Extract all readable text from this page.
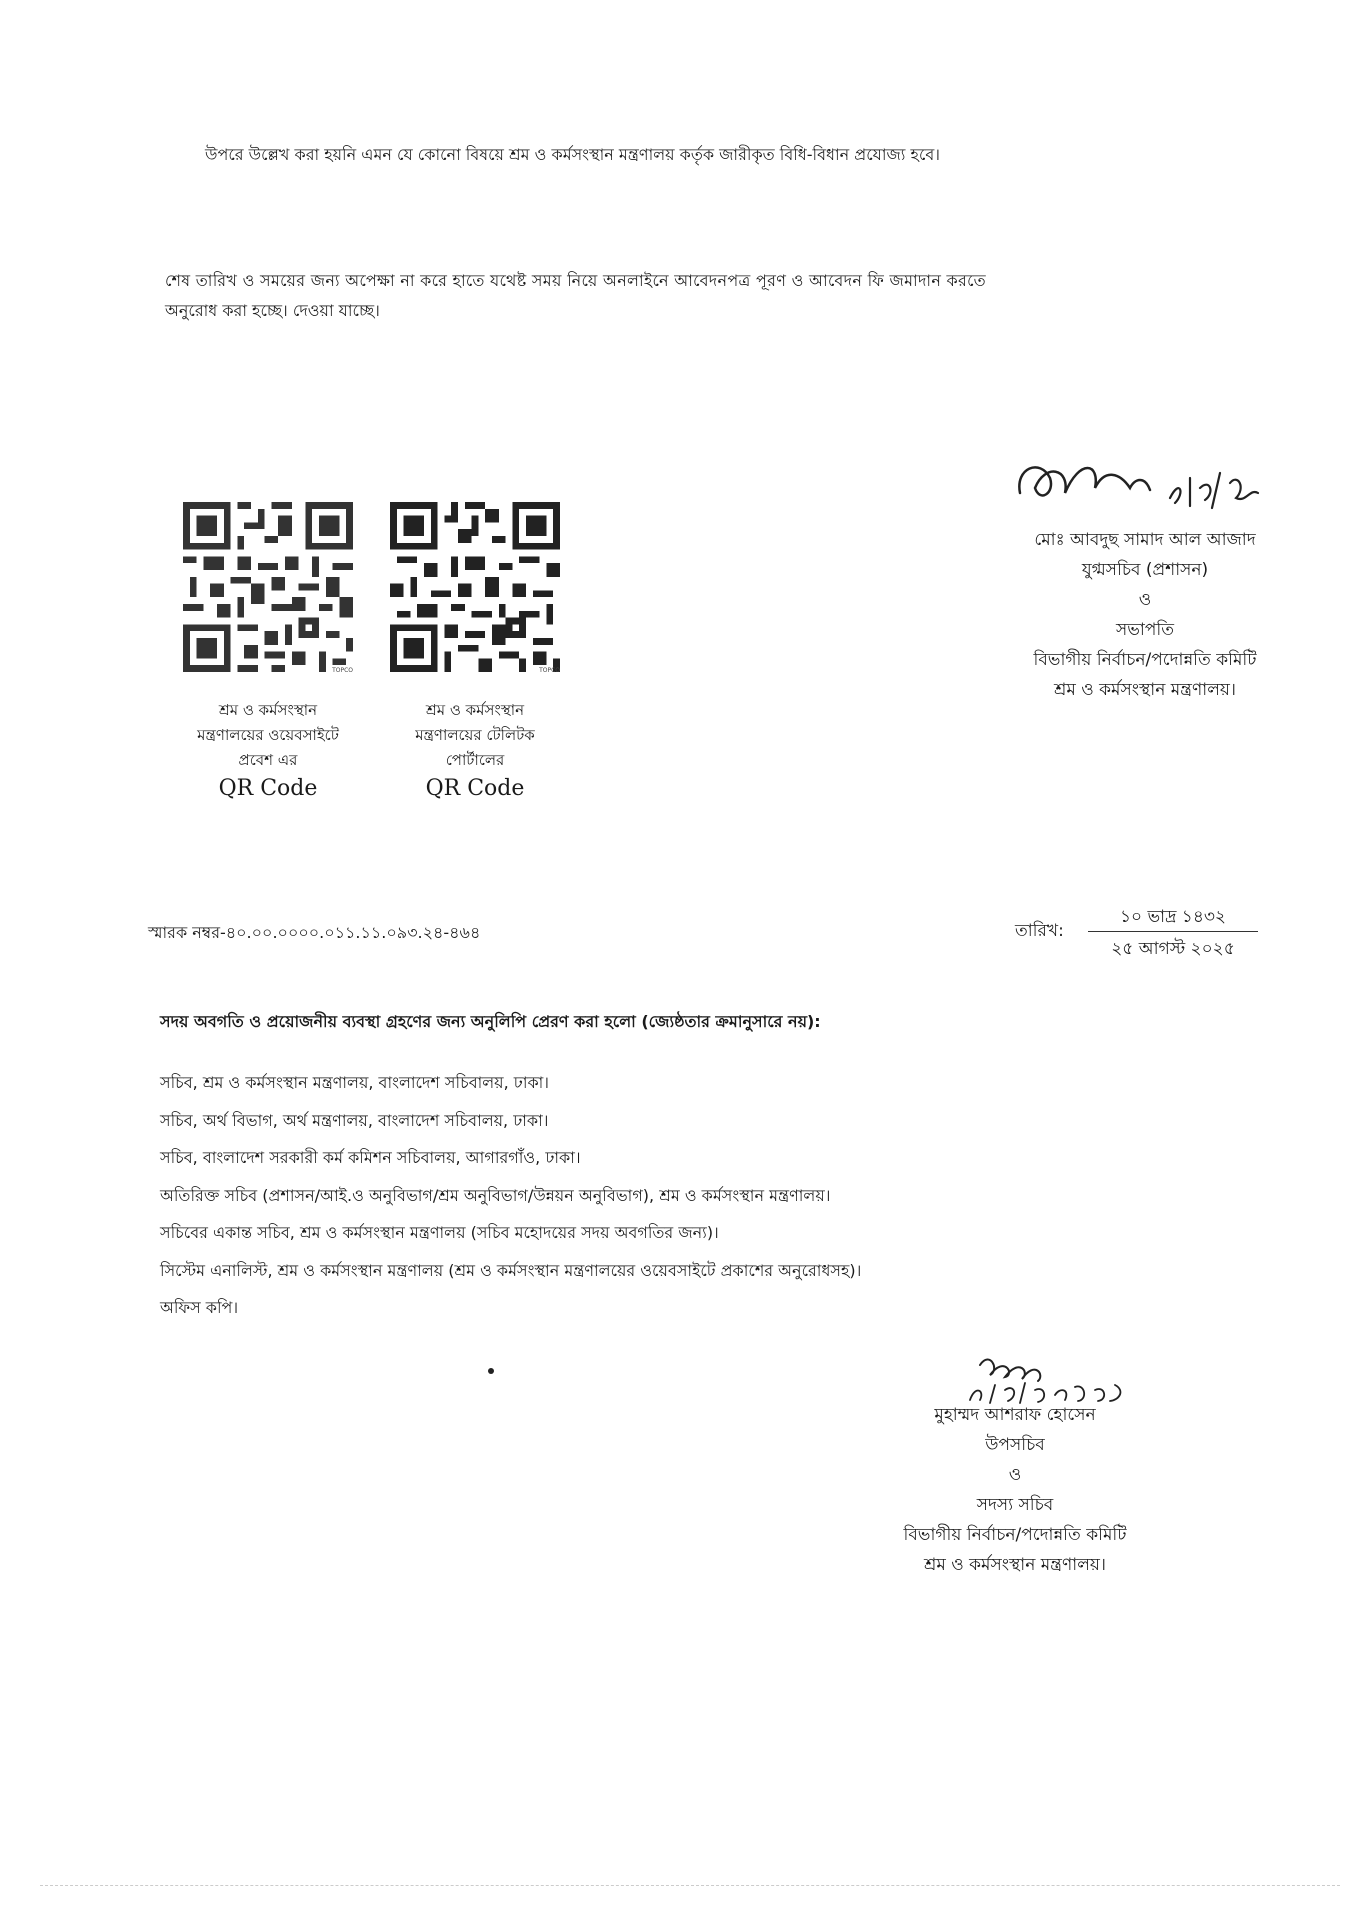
উপরে উল্লেখ করা হয়নি এমন যে কোনো বিষয়ে শ্রম ও কর্মসংস্থান মন্ত্রণালয় কর্তৃক জারীকৃত বিধি-বিধান প্রযোজ্য হবে।
শেষ তারিখ ও সময়ের জন্য অপেক্ষা না করে হাতে যথেষ্ট সময় নিয়ে অনলাইনে আবেদনপত্র পূরণ ও আবেদন ফি জমাদান করতে
অনুরোধ করা হচ্ছে। দেওয়া যাচ্ছে।
মোঃ আবদুছ সামাদ আল আজাদ
যুগ্মসচিব (প্রশাসন)
ও
সভাপতি
বিভাগীয় নির্বাচন/পদোন্নতি কমিটি
শ্রম ও কর্মসংস্থান মন্ত্রণালয়।
TOPCO	TOPCO
শ্রম ও কর্মসংস্থান
মন্ত্রণালয়ের ওয়েবসাইটে
প্রবেশ এর
QR Code
শ্রম ও কর্মসংস্থান
মন্ত্রণালয়ের টেলিটক
পোর্টালের
QR Code
স্মারক নম্বর-৪০.০০.০০০০.০১১.১১.০৯৩.২৪-৪৬৪	তারিখ:
১০ ভাদ্র ১৪৩২
২৫ আগস্ট ২০২৫
সদয় অবগতি ও প্রয়োজনীয় ব্যবস্থা গ্রহণের জন্য অনুলিপি প্রেরণ করা হলো (জ্যেষ্ঠতার ক্রমানুসারে নয়):
সচিব, শ্রম ও কর্মসংস্থান মন্ত্রণালয়, বাংলাদেশ সচিবালয়, ঢাকা।
সচিব, অর্থ বিভাগ, অর্থ মন্ত্রণালয়, বাংলাদেশ সচিবালয়, ঢাকা।
সচিব, বাংলাদেশ সরকারী কর্ম কমিশন সচিবালয়, আগারগাঁও, ঢাকা।
অতিরিক্ত সচিব (প্রশাসন/আই.ও অনুবিভাগ/শ্রম অনুবিভাগ/উন্নয়ন অনুবিভাগ), শ্রম ও কর্মসংস্থান মন্ত্রণালয়।
সচিবের একান্ত সচিব, শ্রম ও কর্মসংস্থান মন্ত্রণালয় (সচিব মহোদয়ের সদয় অবগতির জন্য)।
সিস্টেম এনালিস্ট, শ্রম ও কর্মসংস্থান মন্ত্রণালয় (শ্রম ও কর্মসংস্থান মন্ত্রণালয়ের ওয়েবসাইটে প্রকাশের অনুরোধসহ)।
অফিস কপি।
মুহাম্মদ আশরাফ হোসেন
উপসচিব
ও
সদস্য সচিব
বিভাগীয় নির্বাচন/পদোন্নতি কমিটি
শ্রম ও কর্মসংস্থান মন্ত্রণালয়।
